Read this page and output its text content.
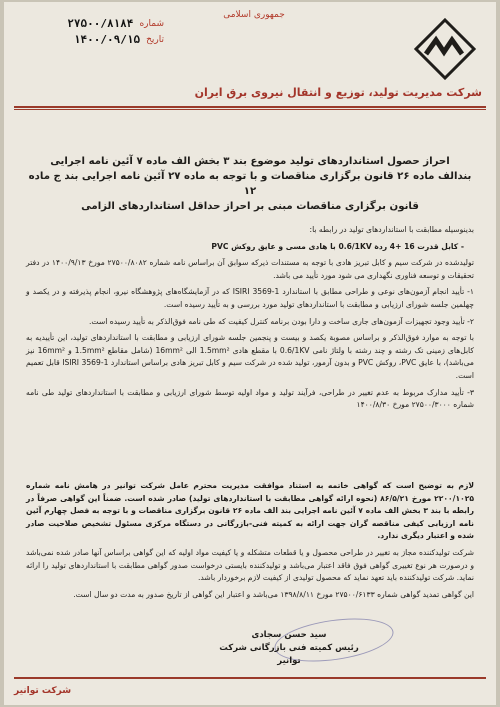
جمهوری اسلامی
شماره
۲۷۵۰۰/۸۱۸۴
تاریخ
۱۴۰۰/۰۹/۱۵
شرکت مدیریت تولید، توزیع و انتقال نیروی برق ایران
احراز حصول استانداردهای تولید موضوع بند ۳ بخش الف ماده ۷ آئین نامه اجرایی
بندالف ماده ۲۶ قانون برگزاری مناقصات و با توجه به ماده ۲۷ آئین نامه اجرایی بند ج ماده ۱۲
قانون برگزاری مناقصات مبنی بر احراز حداقل استانداردهای الزامی

بدینوسیله مطابقت با استانداردهای تولید در رابطه با:

- کابل قدرت 16 +4 ردة 0.6/1KV با هادی مسی و عایق روکش PVC

تولیدشده در شرکت سیم و کابل تبریز هادی با توجه به مستندات ذیرکه سوابق آن براساس نامه شماره ۲۷۵۰۰/۸۰۸۲ مورخ ۱۴۰۰/۹/۱۳ در دفتر تحقیقات و توسعه فناوری نگهداری می شود مورد تأیید می باشد.

۱- تأیید انجام آزمون‌های نوعی و طراحی مطابق با استاندارد ISIRI 3569-1 که در آزمایشگاه‌های پژوهشگاه نیرو، انجام پذیرفته و در یکصد و چهلمین جلسه شورای ارزیابی و مطابقت با استانداردهای تولید مورد بررسی و به تأیید رسیده است.

۲- تأیید وجود تجهیزات آزمون‌های جاری ساخت و دارا بودن برنامه کنترل کیفیت که طی نامه فوق‌الذکر به تأیید رسیده است.

با توجه به موارد فوق‌الذکر و براساس مصوبة یکصد و بیست و پنجمین جلسه شورای ارزیابی و مطابقت با استانداردهای تولید، این تأییدیه به کابل‌های زمینی تک رشته و چند رشته با ولتاژ نامی 0.6/1KV با مقطع هادی 1.5mm² الی 16mm² (شامل مقاطع 1.5mm² و 16mm² نیز می‌باشد)، با عایق PVC، روکش PVC و بدون آرمور، تولید شده در شرکت سیم و کابل تبریز هادی براساس استاندارد ISIRI 3569-1 قابل تعمیم است.

۳- تأیید مدارک مربوط به عدم تغییر در طراحی، فرآیند تولید و مواد اولیه توسط شورای ارزیابی و مطابقت با استانداردهای تولید طی نامه شماره ۲۷۵۰۰/۳۰۰۰ مورخ ۱۴۰۰/۸/۳۰

لازم به توضیح است که گواهی خاتمه به استناد موافقت مدیریت محترم عامل شرکت توانیر در هامش نامه شماره ۲۲۰۰/۱۰۲۵ مورخ ۸۶/۵/۲۱ (نحوه ارائه گواهی مطابقت با استانداردهای تولید) صادر شده است. ضمناً این گواهی صرفاً در رابطه با بند ۳ بخش الف ماده ۷ آئین نامه اجرایی بند الف ماده ۲۶ قانون برگزاری مناقصات و با توجه به فصل چهارم آئین نامه ارزیابی کیفی مناقصه گران جهت ارائه به کمیته فنی-بازرگانی در دستگاه مرکزی مسئول تشخیص صلاحیت صادر شده و اعتبار دیگری ندارد.

شرکت تولیدکننده مجاز به تغییر در طراحی محصول و یا قطعات متشکله و یا کیفیت مواد اولیه که این گواهی براساس آنها صادر شده نمی‌باشد و درصورت هر نوع تغییری گواهی فوق فاقد اعتبار می‌باشد و تولیدکننده بایستی درخواست صدور گواهی مطابقت با استانداردهای تولید را ارائه نماید. شرکت تولیدکننده باید تعهد نماید که محصول تولیدی از کیفیت لازم برخوردار باشد.

این گواهی تمدید گواهی شماره ۲۷۵۰۰/۶۱۳۳ مورخ ۱۳۹۸/۸/۱۱ می‌باشد و اعتبار این گواهی از تاریخ صدور به مدت دو سال است.

سید حسن سجادی
رئیس کمیته فنی بازرگانی شرکت توانیر
شرکت توانیر
